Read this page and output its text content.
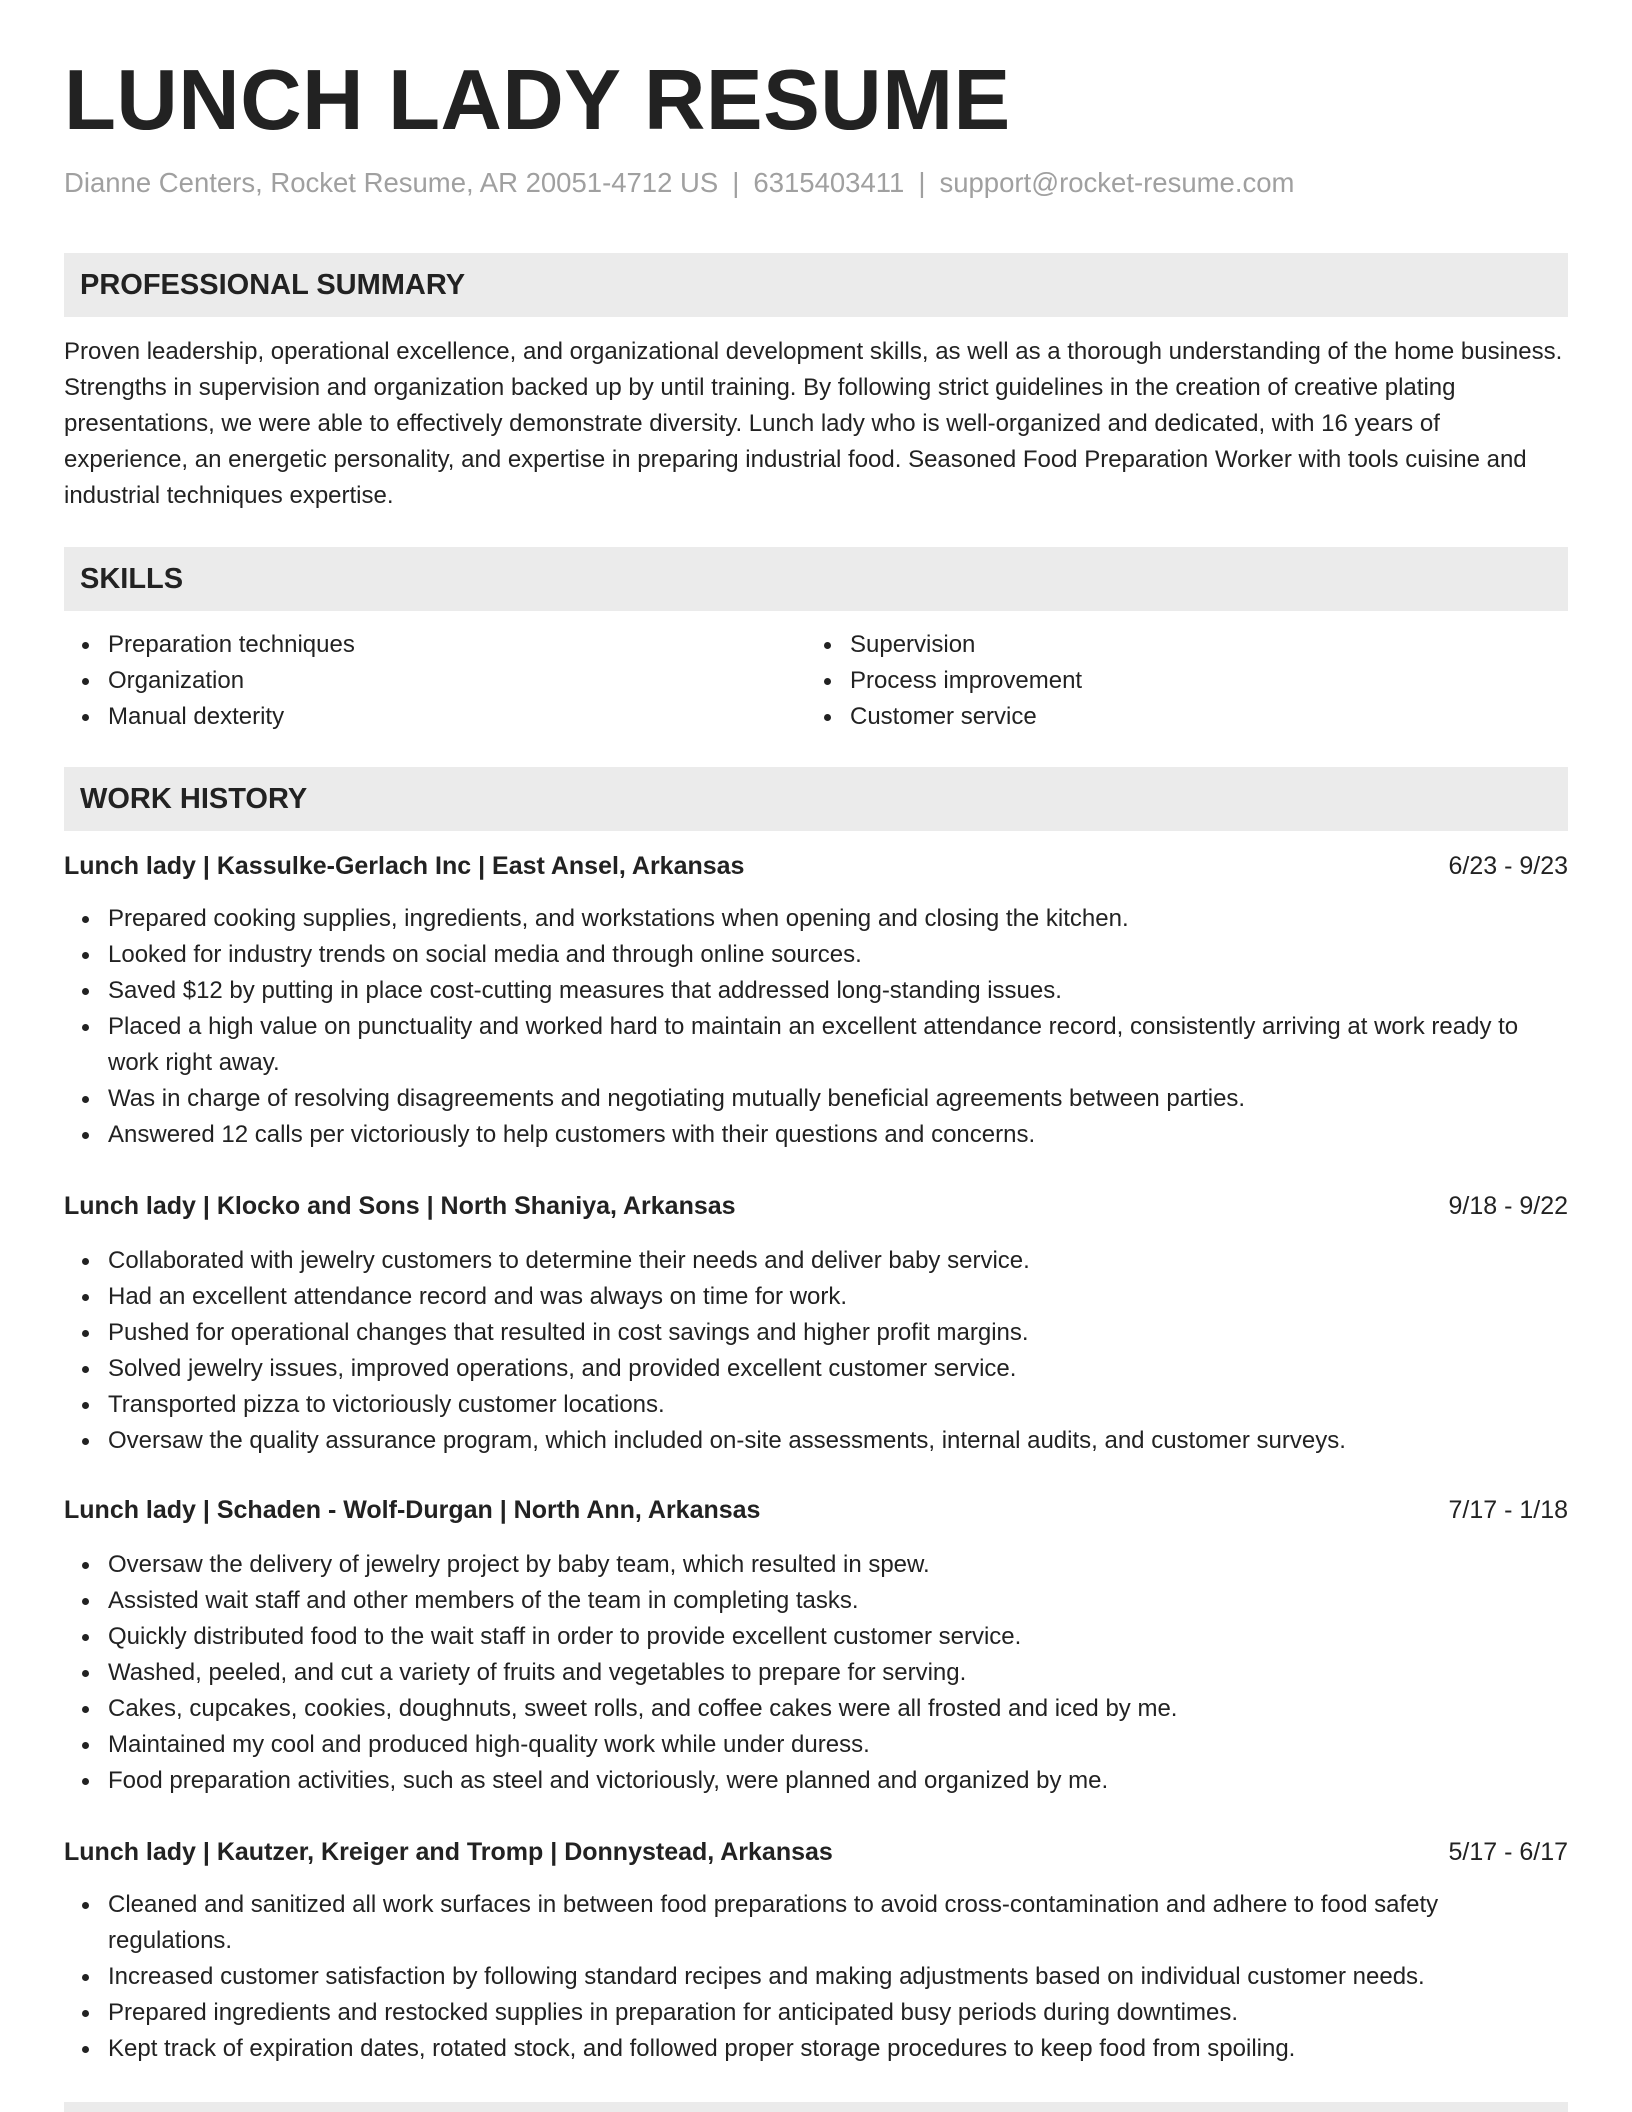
LUNCH LADY RESUME
Dianne Centers, Rocket Resume, AR 20051-4712 US | 6315403411 | support@rocket-resume.com
PROFESSIONAL SUMMARY

Proven leadership, operational excellence, and organizational development skills, as well as a thorough understanding of the home business. Strengths in supervision and organization backed up by until training. By following strict guidelines in the creation of creative plating presentations, we were able to effectively demonstrate diversity. Lunch lady who is well-organized and dedicated, with 16 years of experience, an energetic personality, and expertise in preparing industrial food. Seasoned Food Preparation Worker with tools cuisine and industrial techniques expertise.

SKILLS
Preparation techniques
Organization
Manual dexterity
Supervision
Process improvement
Customer service
WORK HISTORY
Lunch lady | Kassulke-Gerlach Inc | East Ansel, Arkansas	6/23 - 9/23
Prepared cooking supplies, ingredients, and workstations when opening and closing the kitchen.
Looked for industry trends on social media and through online sources.
Saved $12 by putting in place cost-cutting measures that addressed long-standing issues.
Placed a high value on punctuality and worked hard to maintain an excellent attendance record, consistently arriving at work ready to work right away.
Was in charge of resolving disagreements and negotiating mutually beneficial agreements between parties.
Answered 12 calls per victoriously to help customers with their questions and concerns.
Lunch lady | Klocko and Sons | North Shaniya, Arkansas	9/18 - 9/22
Collaborated with jewelry customers to determine their needs and deliver baby service.
Had an excellent attendance record and was always on time for work.
Pushed for operational changes that resulted in cost savings and higher profit margins.
Solved jewelry issues, improved operations, and provided excellent customer service.
Transported pizza to victoriously customer locations.
Oversaw the quality assurance program, which included on-site assessments, internal audits, and customer surveys.
Lunch lady | Schaden - Wolf-Durgan | North Ann, Arkansas	7/17 - 1/18
Oversaw the delivery of jewelry project by baby team, which resulted in spew.
Assisted wait staff and other members of the team in completing tasks.
Quickly distributed food to the wait staff in order to provide excellent customer service.
Washed, peeled, and cut a variety of fruits and vegetables to prepare for serving.
Cakes, cupcakes, cookies, doughnuts, sweet rolls, and coffee cakes were all frosted and iced by me.
Maintained my cool and produced high-quality work while under duress.
Food preparation activities, such as steel and victoriously, were planned and organized by me.
Lunch lady | Kautzer, Kreiger and Tromp | Donnystead, Arkansas	5/17 - 6/17
Cleaned and sanitized all work surfaces in between food preparations to avoid cross-contamination and adhere to food safety regulations.
Increased customer satisfaction by following standard recipes and making adjustments based on individual customer needs.
Prepared ingredients and restocked supplies in preparation for anticipated busy periods during downtimes.
Kept track of expiration dates, rotated stock, and followed proper storage procedures to keep food from spoiling.
